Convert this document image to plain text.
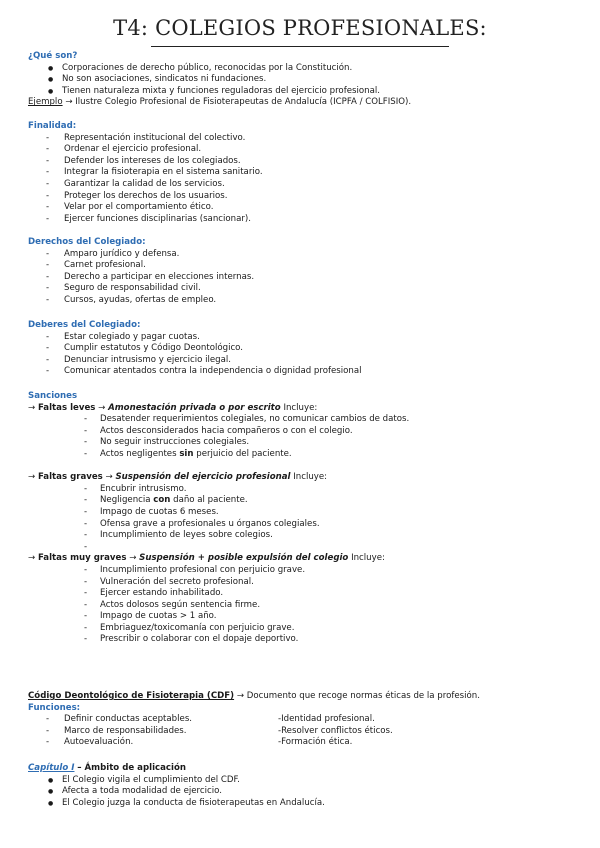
T4: COLEGIOS PROFESIONALES:
¿Qué son?
● Corporaciones de derecho público, reconocidas por la Constitución.
● No son asociaciones, sindicatos ni fundaciones.
● Tienen naturaleza mixta y funciones reguladoras del ejercicio profesional.
Ejemplo → Ilustre Colegio Profesional de Fisioterapeutas de Andalucía (ICPFA / COLFISIO).
Finalidad:
- Representación institucional del colectivo.
- Ordenar el ejercicio profesional.
- Defender los intereses de los colegiados.
- Integrar la fisioterapia en el sistema sanitario.
- Garantizar la calidad de los servicios.
- Proteger los derechos de los usuarios.
- Velar por el comportamiento ético.
- Ejercer funciones disciplinarias (sancionar).
Derechos del Colegiado:
- Amparo jurídico y defensa.
- Carnet profesional.
- Derecho a participar en elecciones internas.
- Seguro de responsabilidad civil.
- Cursos, ayudas, ofertas de empleo.
Deberes del Colegiado:
- Estar colegiado y pagar cuotas.
- Cumplir estatutos y Código Deontológico.
- Denunciar intrusismo y ejercicio ilegal.
- Comunicar atentados contra la independencia o dignidad profesional
Sanciones
→ Faltas leves → Amonestación privada o por escrito Incluye:
- Desatender requerimientos colegiales, no comunicar cambios de datos.
- Actos desconsiderados hacia compañeros o con el colegio.
- No seguir instrucciones colegiales.
- Actos negligentes sin perjuicio del paciente.
→ Faltas graves → Suspensión del ejercicio profesional Incluye:
- Encubrir intrusismo.
- Negligencia con daño al paciente.
- Impago de cuotas 6 meses.
- Ofensa grave a profesionales u órganos colegiales.
- Incumplimiento de leyes sobre colegios.
-
→ Faltas muy graves → Suspensión + posible expulsión del colegio Incluye:
- Incumplimiento profesional con perjuicio grave.
- Vulneración del secreto profesional.
- Ejercer estando inhabilitado.
- Actos dolosos según sentencia firme.
- Impago de cuotas > 1 año.
- Embriaguez/toxicomanía con perjuicio grave.
- Prescribir o colaborar con el dopaje deportivo.
Código Deontológico de Fisioterapia (CDF) → Documento que recoge normas éticas de la profesión.
Funciones:
- Definir conductas aceptables.
- Marco de responsabilidades.
- Autoevaluación.
-Identidad profesional.
-Resolver conflictos éticos.
-Formación ética.
Capítulo I – Ámbito de aplicación
● El Colegio vigila el cumplimiento del CDF.
● Afecta a toda modalidad de ejercicio.
● El Colegio juzga la conducta de fisioterapeutas en Andalucía.
